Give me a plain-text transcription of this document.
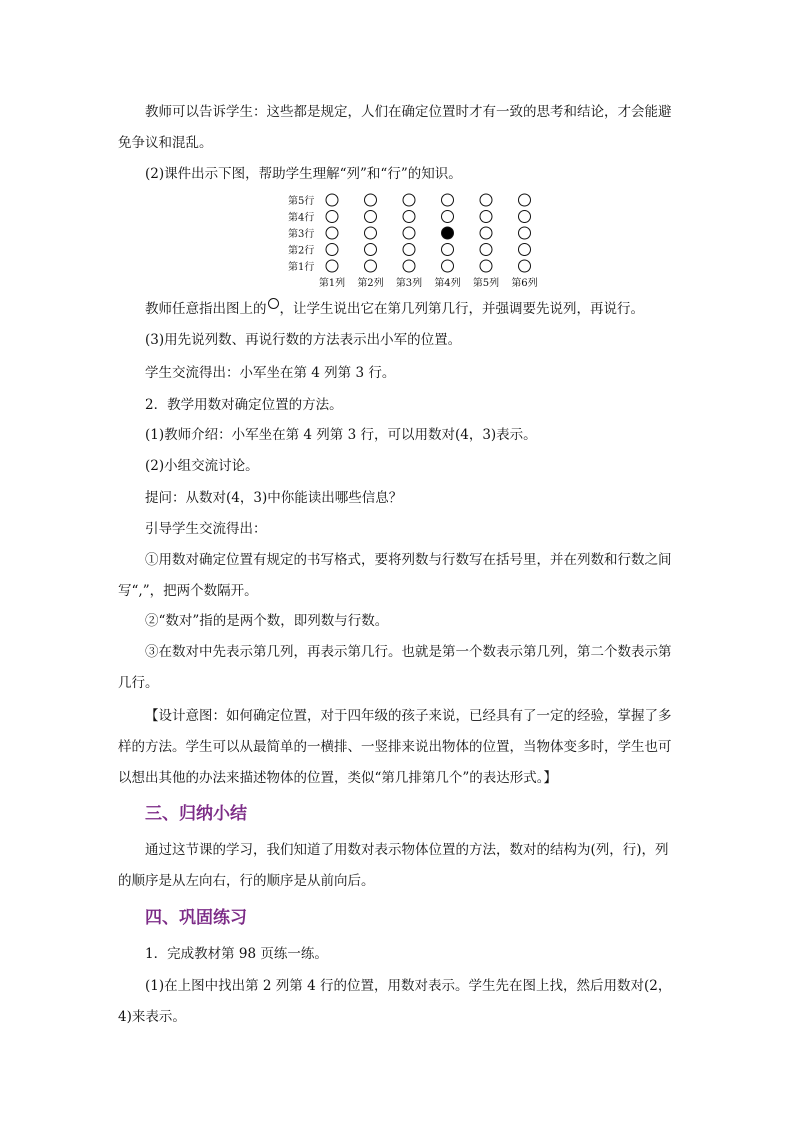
教师可以告诉学生：这些都是规定，人们在确定位置时才有一致的思考和结论，才会能避免争议和混乱。

(2)课件出示下图，帮助学生理解“列”和“行”的知识。

第5行
第4行
第3行
第2行
第1行
第1列 第2列 第3列 第4列 第5列 第6列

教师任意指出图上的 ，让学生说出它在第几列第几行，并强调要先说列，再说行。

(3)用先说列数、再说行数的方法表示出小军的位置。

学生交流得出：小军坐在第 4 列第 3 行。

2．教学用数对确定位置的方法。

(1)教师介绍：小军坐在第 4 列第 3 行，可以用数对(4，3)表示。

(2)小组交流讨论。

提问：从数对(4，3)中你能读出哪些信息？

引导学生交流得出：

①用数对确定位置有规定的书写格式，要将列数与行数写在括号里，并在列数和行数之间写“,”，把两个数隔开。

②“数对”指的是两个数，即列数与行数。

③在数对中先表示第几列，再表示第几行。也就是第一个数表示第几列，第二个数表示第几行。

【设计意图：如何确定位置，对于四年级的孩子来说，已经具有了一定的经验，掌握了多样的方法。学生可以从最简单的一横排、一竖排来说出物体的位置，当物体变多时，学生也可以想出其他的办法来描述物体的位置，类似“第几排第几个”的表达形式。】

三、归纳小结

通过这节课的学习，我们知道了用数对表示物体位置的方法，数对的结构为(列，行)，列的顺序是从左向右，行的顺序是从前向后。

四、巩固练习

1．完成教材第 98 页练一练。

(1)在上图中找出第 2 列第 4 行的位置，用数对表示。学生先在图上找，然后用数对(2，4)来表示。
